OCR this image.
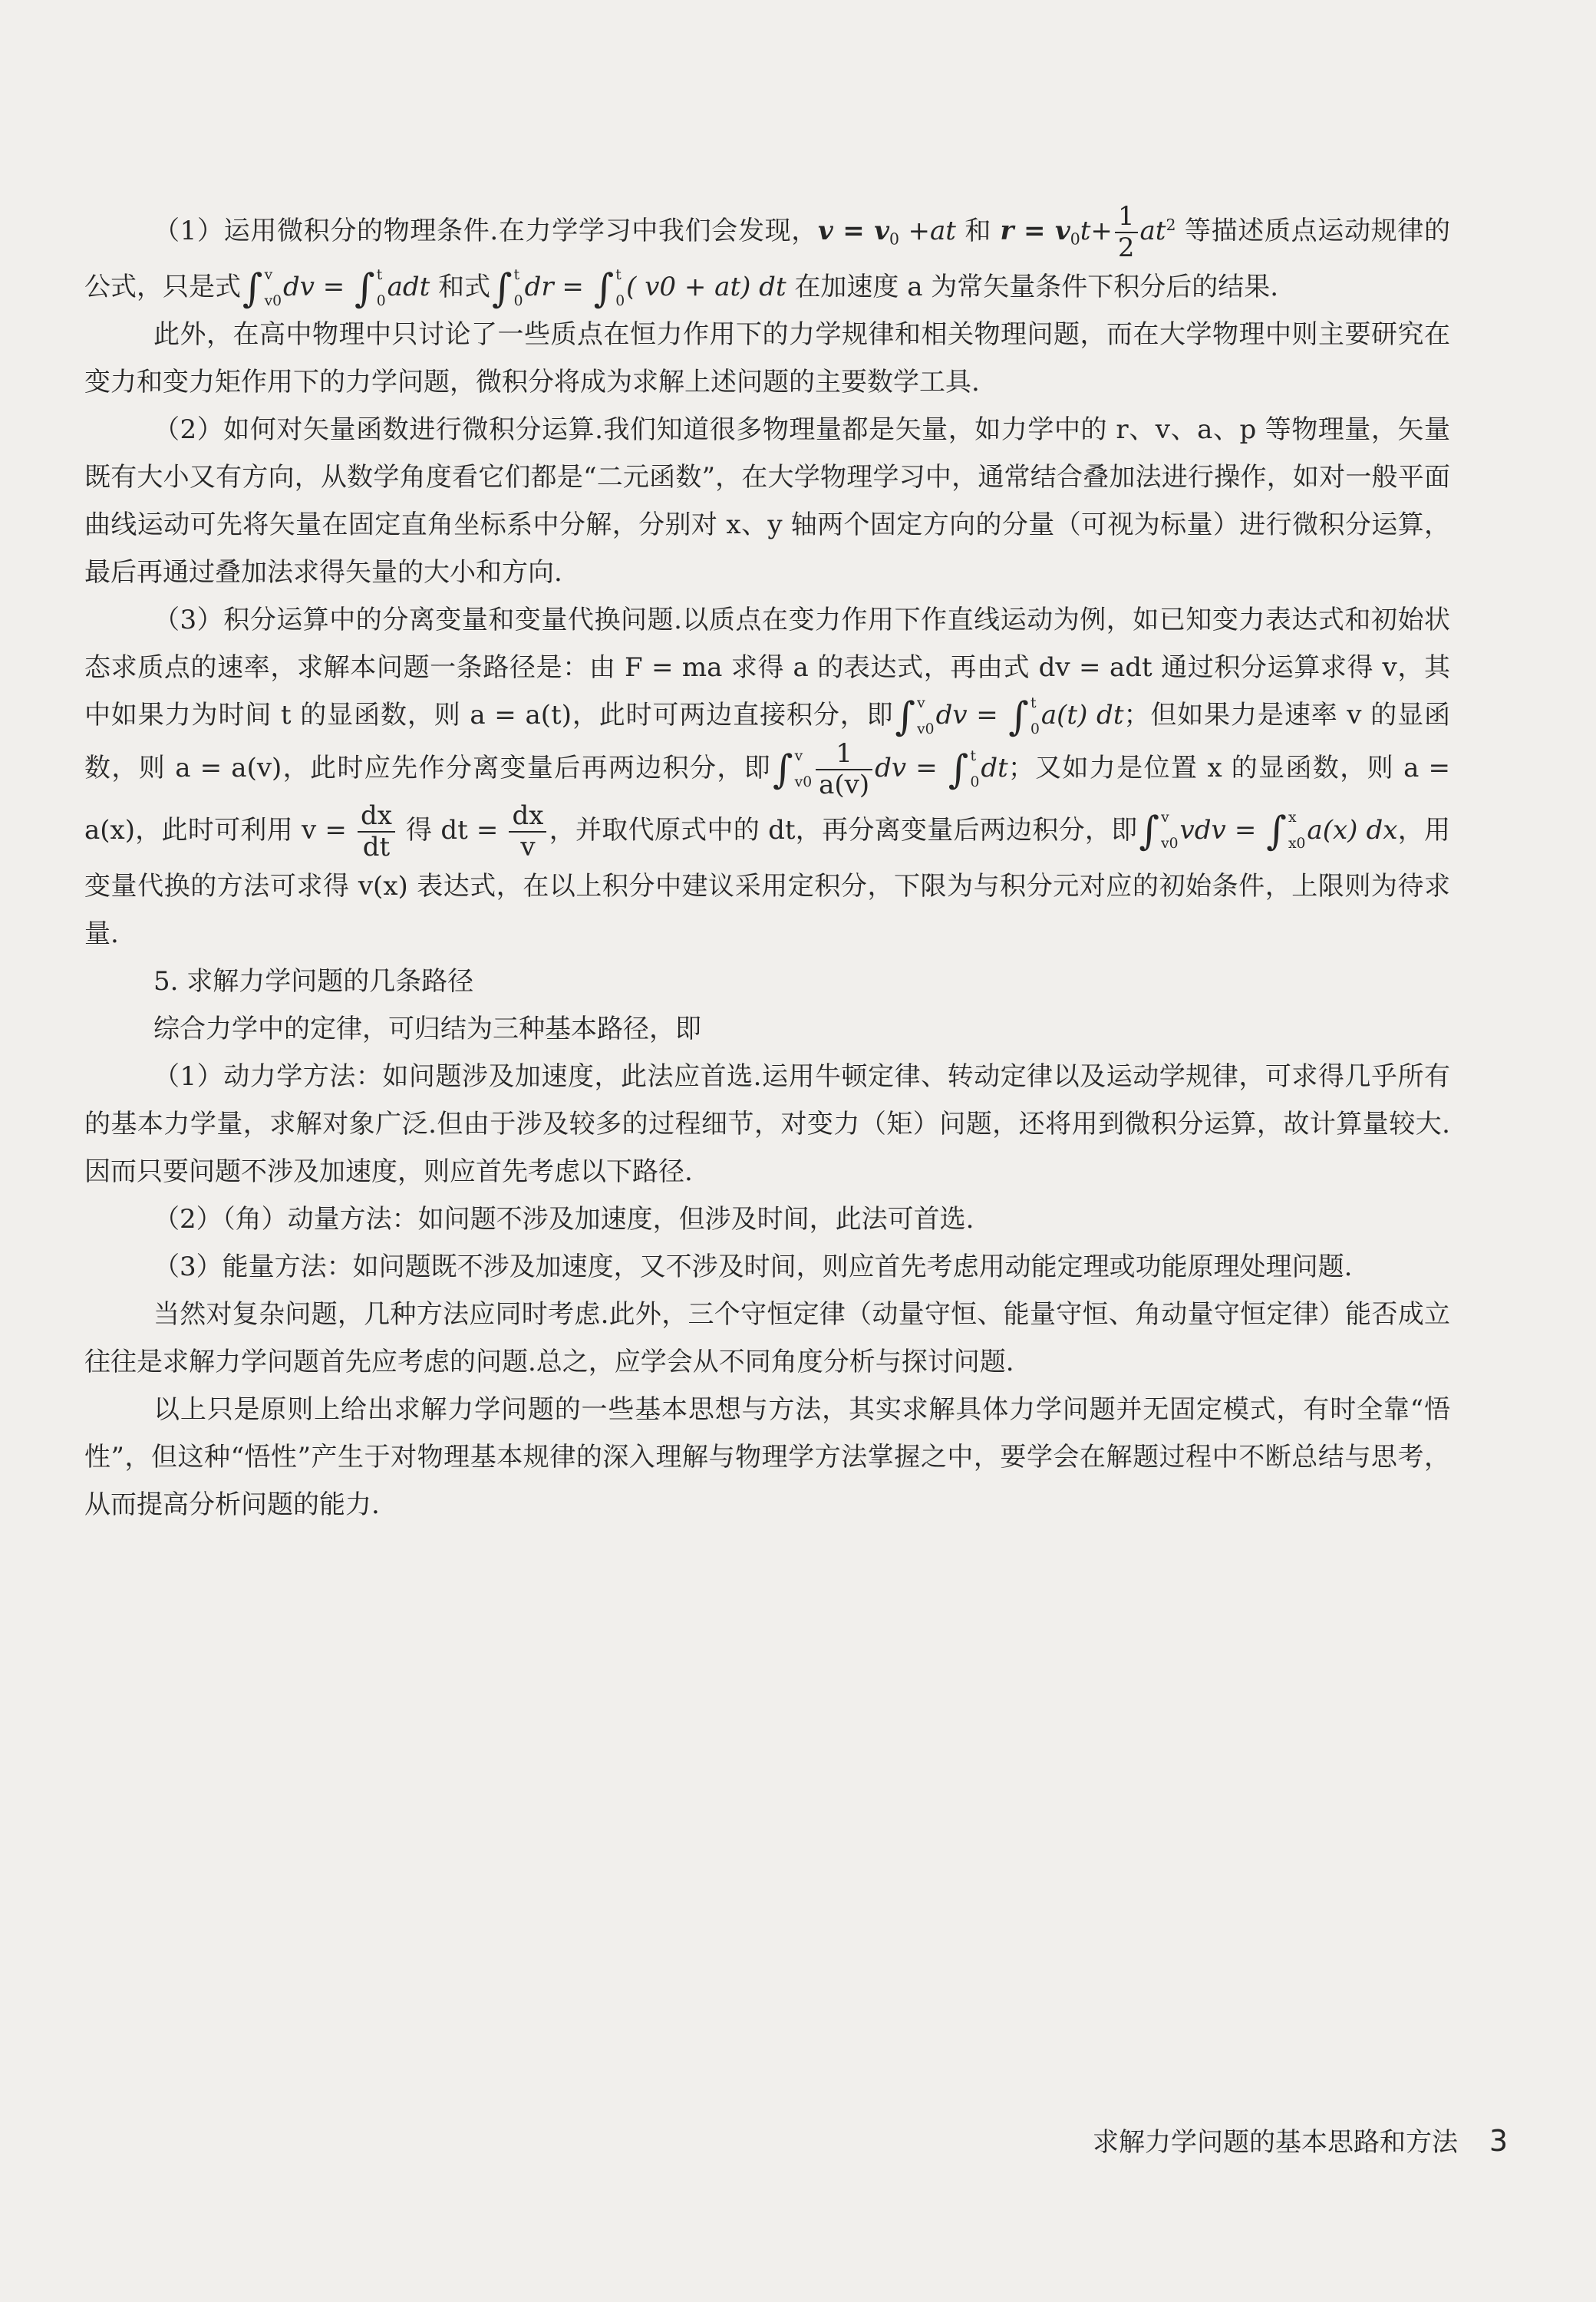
（1）运用微积分的物理条件.在力学学习中我们会发现，$v = v_0 +at$ 和 $r = v_0t+ \frac{1}{2} at^2$ 等描述质点运动规律的公式，只是式 ∫ v
v0 dv = ∫ t
0 adt 和式 ∫ t
0 dr = ∫ t
0 ( v0 + at) dt 在加速度 a 为常矢量条件下积分后的结果.

此外，在高中物理中只讨论了一些质点在恒力作用下的力学规律和相关物理问题，而在大学物理中则主要研究在变力和变力矩作用下的力学问题，微积分将成为求解上述问题的主要数学工具.

（2）如何对矢量函数进行微积分运算.我们知道很多物理量都是矢量，如力学中的 r、v、a、p 等物理量，矢量既有大小又有方向，从数学角度看它们都是“二元函数”，在大学物理学习中，通常结合叠加法进行操作，如对一般平面曲线运动可先将矢量在固定直角坐标系中分解，分别对 x、y 轴两个固定方向的分量（可视为标量）进行微积分运算，最后再通过叠加法求得矢量的大小和方向.

（3）积分运算中的分离变量和变量代换问题.以质点在变力作用下作直线运动为例，如已知变力表达式和初始状态求质点的速率，求解本问题一条路径是：由 F = ma 求得 a 的表达式，再由式 dv = adt 通过积分运算求得 v，其中如果力为时间 t 的显函数，则 a = a(t)，此时可两边直接积分，即 ∫ v
v0 dv = ∫ t
0 a(t) dt；但如果力是速率 v 的显函数，则 a = a(v)，此时应先作分离变量后再两边积分，即 ∫ v
$v0 \frac{1}{a(v)}$ dv = ∫ t
0 dt；又如力是位置 x 的显函数，则 a = a(x)，此时可利用 $v = \frac{dx}{dt}$ 得 dt = $\frac{dx}{v}$ ，并取代原式中的 dt，再分离变量后两边积分，即 ∫ v
v0 vdv = ∫ x
x0 a(x) dx，用变量代换的方法可求得 v(x) 表达式，在以上积分中建议采用定积分，下限为与积分元对应的初始条件，上限则为待求量.

5. 求解力学问题的几条路径

综合力学中的定律，可归结为三种基本路径，即

（1）动力学方法：如问题涉及加速度，此法应首选.运用牛顿定律、转动定律以及运动学规律，可求得几乎所有的基本力学量，求解对象广泛.但由于涉及较多的过程细节，对变力（矩）问题，还将用到微积分运算，故计算量较大.因而只要问题不涉及加速度，则应首先考虑以下路径.

（2）（角）动量方法：如问题不涉及加速度，但涉及时间，此法可首选.

（3）能量方法：如问题既不涉及加速度，又不涉及时间，则应首先考虑用动能定理或功能原理处理问题.

当然对复杂问题，几种方法应同时考虑.此外，三个守恒定律（动量守恒、能量守恒、角动量守恒定律）能否成立往往是求解力学问题首先应考虑的问题.总之，应学会从不同角度分析与探讨问题.

以上只是原则上给出求解力学问题的一些基本思想与方法，其实求解具体力学问题并无固定模式，有时全靠“悟性”，但这种“悟性”产生于对物理基本规律的深入理解与物理学方法掌握之中，要学会在解题过程中不断总结与思考，从而提高分析问题的能力.

求解力学问题的基本思路和方法 3
